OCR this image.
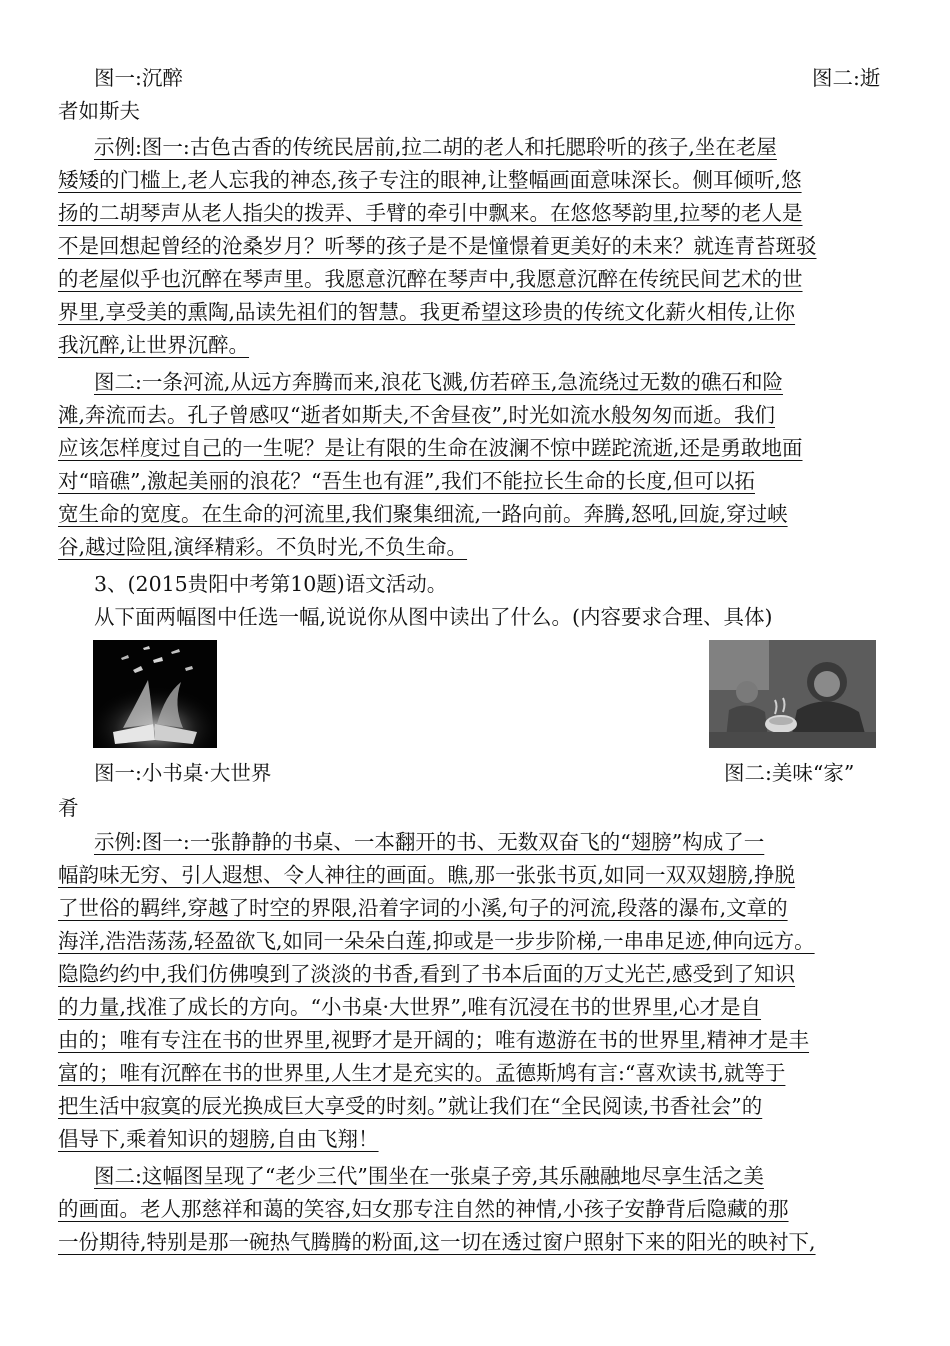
图一:沉醉	图二:逝
者如斯夫
示例:图一:古色古香的传统民居前,拉二胡的老人和托腮聆听的孩子,坐在老屋
矮矮的门槛上,老人忘我的神态,孩子专注的眼神,让整幅画面意味深长。侧耳倾听,悠
扬的二胡琴声从老人指尖的拨弄、手臂的牵引中飘来。在悠悠琴韵里,拉琴的老人是
不是回想起曾经的沧桑岁月？听琴的孩子是不是憧憬着更美好的未来？就连青苔斑驳
的老屋似乎也沉醉在琴声里。我愿意沉醉在琴声中,我愿意沉醉在传统民间艺术的世
界里,享受美的熏陶,品读先祖们的智慧。我更希望这珍贵的传统文化薪火相传,让你
我沉醉,让世界沉醉。
图二:一条河流,从远方奔腾而来,浪花飞溅,仿若碎玉,急流绕过无数的礁石和险
滩,奔流而去。孔子曾感叹“逝者如斯夫,不舍昼夜”,时光如流水般匆匆而逝。我们
应该怎样度过自己的一生呢？是让有限的生命在波澜不惊中蹉跎流逝,还是勇敢地面
对“暗礁”,激起美丽的浪花？“吾生也有涯”,我们不能拉长生命的长度,但可以拓
宽生命的宽度。在生命的河流里,我们聚集细流,一路向前。奔腾,怒吼,回旋,穿过峡
谷,越过险阻,演绎精彩。不负时光,不负生命。
3、(2015贵阳中考第10题)语文活动。
从下面两幅图中任选一幅,说说你从图中读出了什么。(内容要求合理、具体)
图一:小书桌·大世界	图二:美味“家”
肴
示例:图一:一张静静的书桌、一本翻开的书、无数双奋飞的“翅膀”构成了一
幅韵味无穷、引人遐想、令人神往的画面。瞧,那一张张书页,如同一双双翅膀,挣脱
了世俗的羁绊,穿越了时空的界限,沿着字词的小溪,句子的河流,段落的瀑布,文章的
海洋,浩浩荡荡,轻盈欲飞,如同一朵朵白莲,抑或是一步步阶梯,一串串足迹,伸向远方。
隐隐约约中,我们仿佛嗅到了淡淡的书香,看到了书本后面的万丈光芒,感受到了知识
的力量,找准了成长的方向。“小书桌·大世界”,唯有沉浸在书的世界里,心才是自
由的；唯有专注在书的世界里,视野才是开阔的；唯有遨游在书的世界里,精神才是丰
富的；唯有沉醉在书的世界里,人生才是充实的。孟德斯鸠有言:“喜欢读书,就等于
把生活中寂寞的辰光换成巨大享受的时刻。”就让我们在“全民阅读,书香社会”的
倡导下,乘着知识的翅膀,自由飞翔！
图二:这幅图呈现了“老少三代”围坐在一张桌子旁,其乐融融地尽享生活之美
的画面。老人那慈祥和蔼的笑容,妇女那专注自然的神情,小孩子安静背后隐藏的那
一份期待,特别是那一碗热气腾腾的粉面,这一切在透过窗户照射下来的阳光的映衬下,
